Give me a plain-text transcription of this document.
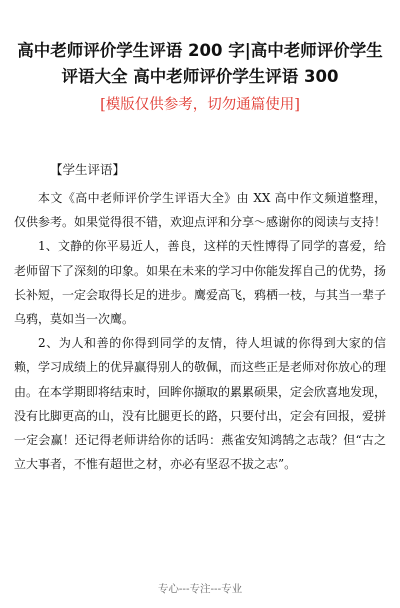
高中老师评价学生评语 200 字|高中老师评价学生评语大全 高中老师评价学生评语 300
[模版仅供参考，切勿通篇使用]
【学生评语】

本文《高中老师评价学生评语大全》由 XX 高中作文频道整理，仅供参考。如果觉得很不错，欢迎点评和分享～感谢你的阅读与支持！

1、文静的你平易近人，善良，这样的天性博得了同学的喜爱，给老师留下了深刻的印象。如果在未来的学习中你能发挥自己的优势，扬长补短，一定会取得长足的进步。鹰爱高飞，鸦栖一枝，与其当一辈子乌鸦，莫如当一次鹰。

2、为人和善的你得到同学的友情，待人坦诚的你得到大家的信赖，学习成绩上的优异赢得别人的敬佩，而这些正是老师对你放心的理由。在本学期即将结束时，回眸你撷取的累累硕果，定会欣喜地发现，没有比脚更高的山，没有比腿更长的路，只要付出，定会有回报，爱拼一定会赢！还记得老师讲给你的话吗：燕雀安知鸿鹄之志哉？但“古之立大事者，不惟有超世之材，亦必有坚忍不拔之志”。

专心---专注---专业
